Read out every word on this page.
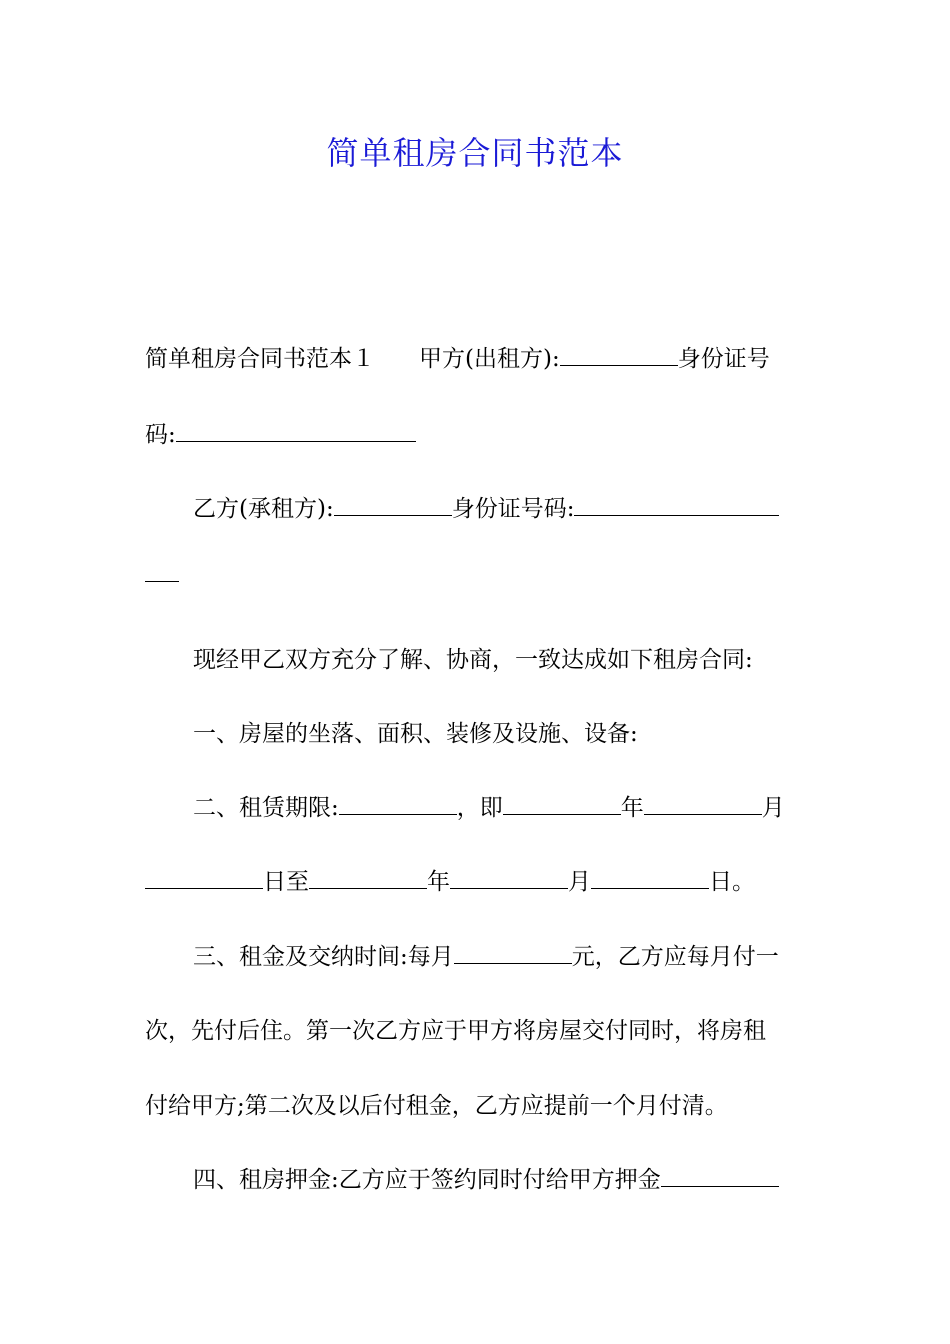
简单租房合同书范本
简单租房合同书范本１ 甲方(出租方):	身份证号
码:
乙方(承租方):	身份证号码:
现经甲乙双方充分了解、协商，一致达成如下租房合同:
一、房屋的坐落、面积、装修及设施、设备:
二、租赁期限:	，即	年	月
日至	年	月	日。
三、租金及交纳时间:每月	元，乙方应每月付一
次，先付后住。第一次乙方应于甲方将房屋交付同时，将房租
付给甲方;第二次及以后付租金，乙方应提前一个月付清。
四、租房押金:乙方应于签约同时付给甲方押金
